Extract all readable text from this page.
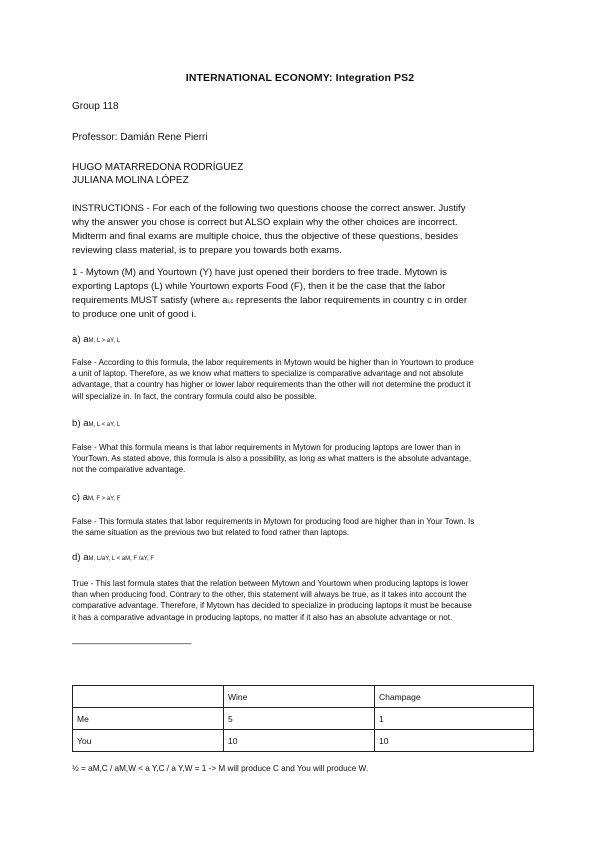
INTERNATIONAL ECONOMY: Integration PS2
Group 118
Professor: Damián Rene Pierri
HUGO MATARREDONA RODRÍGUEZ
JULIANA MOLINA LÓPEZ
INSTRUCTIONS - For each of the following two questions choose the correct answer. Justify
why the answer you chose is correct but ALSO explain why the other choices are incorrect.
Midterm and final exams are multiple choice, thus the objective of these questions, besides
reviewing class material, is to prepare you towards both exams.
1 - Mytown (M) and Yourtown (Y) have just opened their borders to free trade. Mytown is
exporting Laptops (L) while Yourtown exports Food (F), then it be the case that the labor
requirements MUST satisfy (where ai,c represents the labor requirements in country c in order
to produce one unit of good i.
a) aM, L > aY, L
False - According to this formula, the labor requirements in Mytown would be higher than in Yourtown to produce
a unit of laptop. Therefore, as we know what matters to specialize is comparative advantage and not absolute
advantage, that a country has higher or lower labor requirements than the other will not determine the product it
will specialize in. In fact, the contrary formula could also be possible.
b) aM, L < aY, L
False - What this formula means is that labor requirements in Mytown for producing laptops are lower than in
YourTown. As stated above, this formula is also a possibility, as long as what matters is the absolute advantage,
not the comparative advantage.
c) aM, F > aY, F
False - This formula states that labor requirements in Mytown for producing food are higher than in Your Town. Is
the same situation as the previous two but related to food rather than laptops.
d) aM, L/aY, L < aM, F /aY, F
True - This last formula states that the relation between Mytown and Yourtown when producing laptops is lower
than when producing food. Contrary to the other, this statement will always be true, as it takes into account the
comparative advantage. Therefore, if Mytown has decided to specialize in producing laptops it must be because
it has a comparative advantage in producing laptops, no matter if it also has an absolute advantage or not.
——————————————
	Wine	Champage
Me	5	1
You	10	10
½ = aM,C / aM,W < a Y,C / a Y,W = 1 -> M will produce C and You will produce W.
